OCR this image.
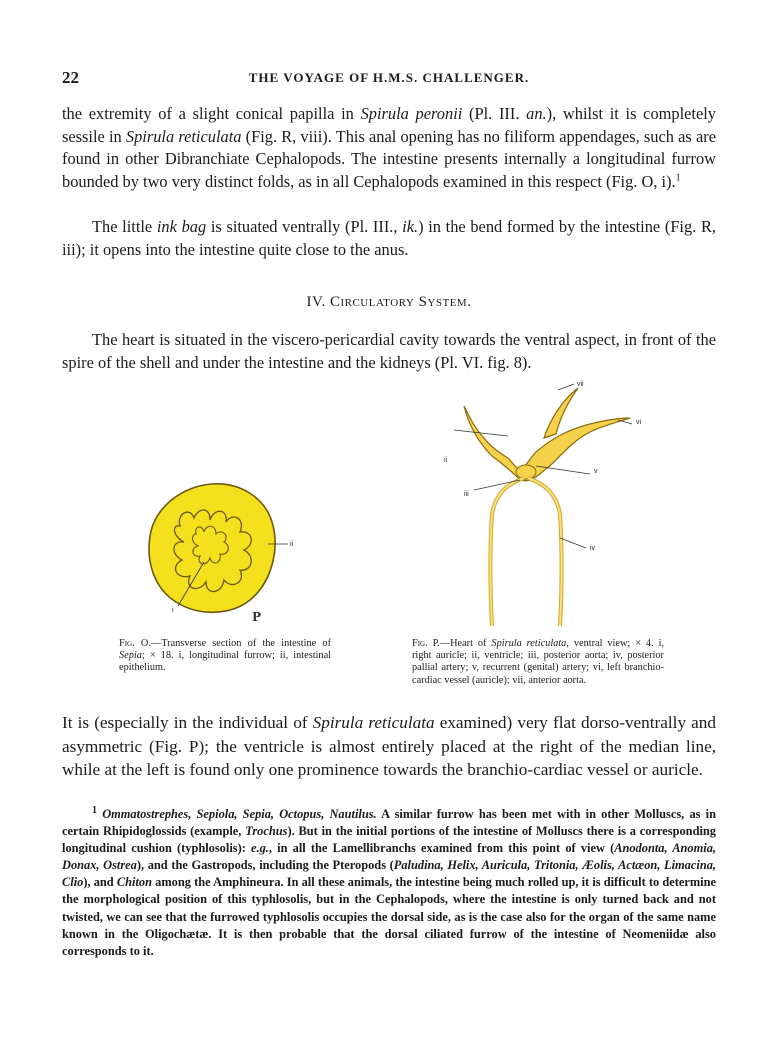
22	THE VOYAGE OF H.M.S. CHALLENGER.

the extremity of a slight conical papilla in Spirula peronii (Pl. III. an.), whilst it is completely sessile in Spirula reticulata (Fig. R, viii). This anal opening has no filiform appendages, such as are found in other Dibranchiate Cephalopods. The intestine presents internally a longitudinal furrow bounded by two very distinct folds, as in all Cephalopods examined in this respect (Fig. O, i).$^1$

The little ink bag is situated ventrally (Pl. III., ik.) in the bend formed by the intestine (Fig. R, iii); it opens into the intestine quite close to the anus.

IV. Circulatory System.

The heart is situated in the viscero-pericardial cavity towards the ventral aspect, in front of the spire of the shell and under the intestine and the kidneys (Pl. VI. fig. 8).

ii
i	P
vii
vi
ii
v
iii
iv

Fig. O.—Transverse section of the intestine of Sepia; × 18. i, longitudinal furrow; ii, intestinal epithelium.

Fig. P.—Heart of Spirula reticulata, ventral view; × 4. i, right auricle; ii, ventricle; iii, posterior aorta; iv, posterior pallial artery; v, recurrent (genital) artery; vi, left branchio-cardiac vessel (auricle); vii, anterior aorta.

It is (especially in the individual of Spirula reticulata examined) very flat dorso-ventrally and asymmetric (Fig. P); the ventricle is almost entirely placed at the right of the median line, while at the left is found only one prominence towards the branchio-cardiac vessel or auricle.

$^1$ Ommatostrephes, Sepiola, Sepia, Octopus, Nautilus. A similar furrow has been met with in other Molluscs, as in certain Rhipidoglossids (example, Trochus). But in the initial portions of the intestine of Molluscs there is a corresponding longitudinal cushion (typhlosolis): e.g., in all the Lamellibranchs examined from this point of view (Anodonta, Anomia, Donax, Ostrea), and the Gastropods, including the Pteropods (Paludina, Helix, Auricula, Tritonia, Æolis, Actæon, Limacina, Clio), and Chiton among the Amphineura. In all these animals, the intestine being much rolled up, it is difficult to determine the morphological position of this typhlosolis, but in the Cephalopods, where the intestine is only turned back and not twisted, we can see that the furrowed typhlosolis occupies the dorsal side, as is the case also for the organ of the same name known in the Oligochætæ. It is then probable that the dorsal ciliated furrow of the intestine of Neomeniidæ also corresponds to it.
